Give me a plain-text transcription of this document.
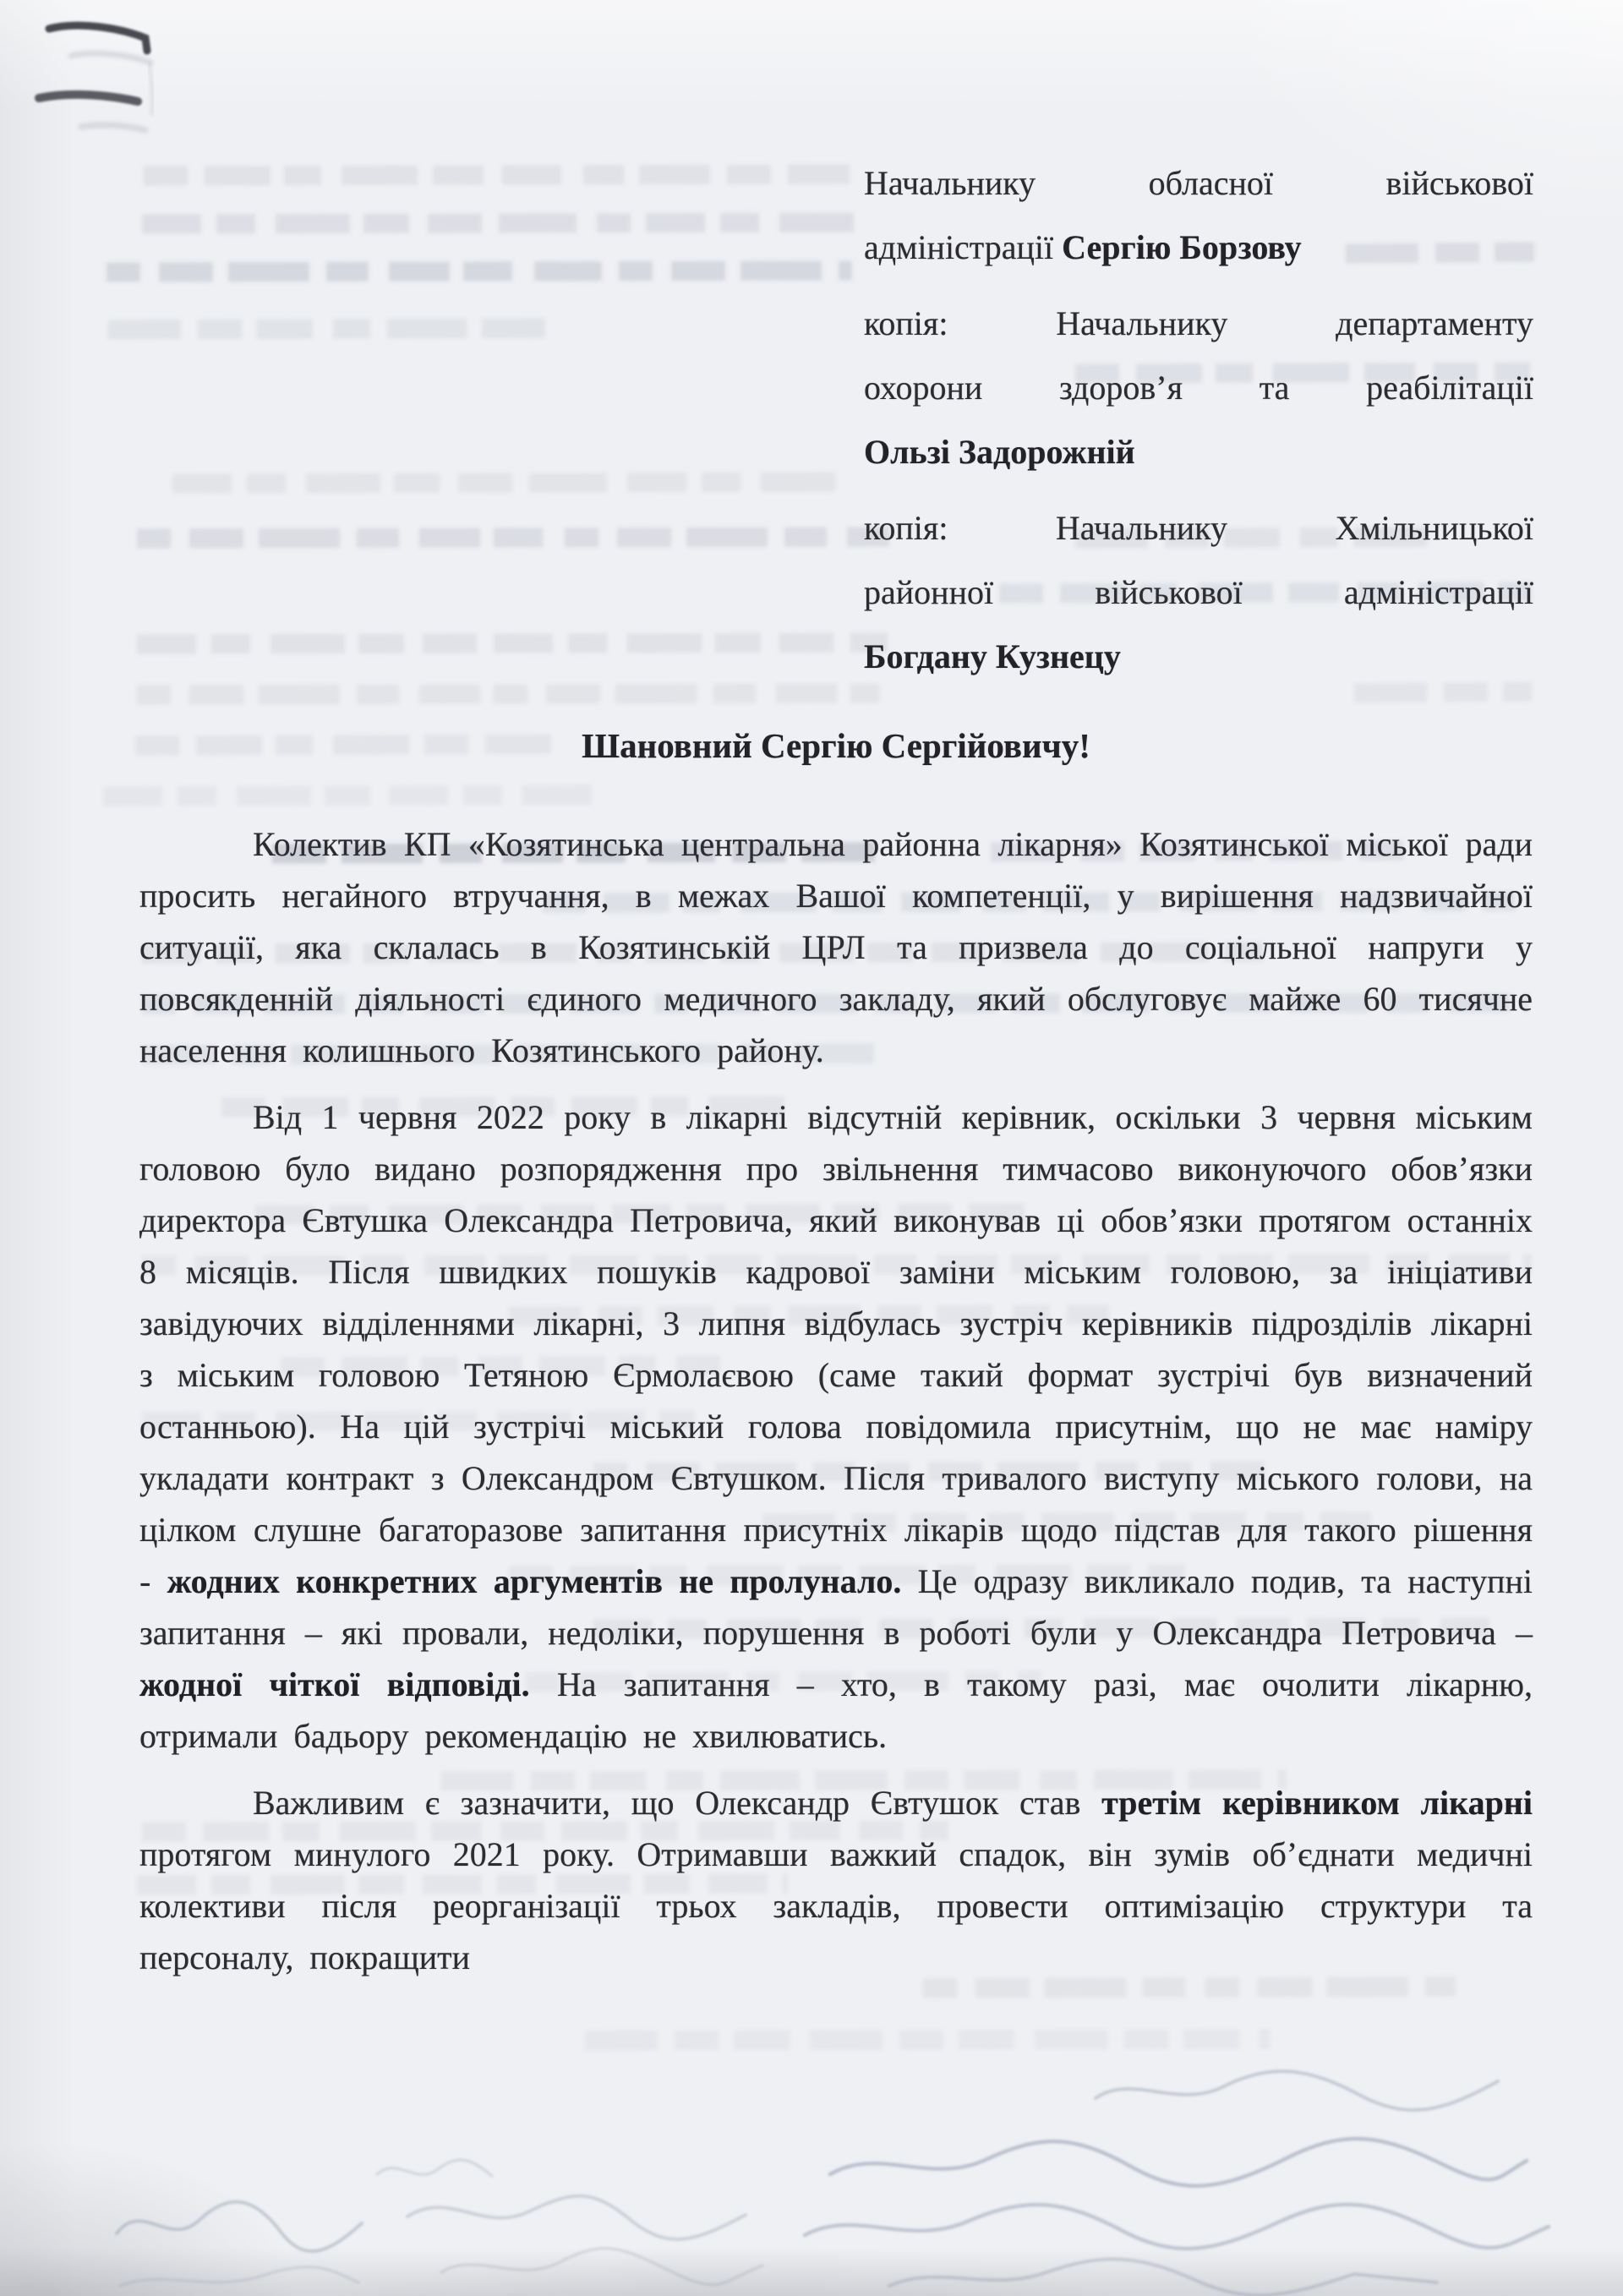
Начальнику обласної військової
адміністрації Сергію Борзову
копія: Начальнику департаменту
охорони здоров’я та реабілітації
Ользі Задорожній
копія: Начальнику Хмільницької
районної військової адміністрації
Богдану Кузнецу
Шановний Сергію Сергійовичу!

Колектив КП «Козятинська центральна районна лікарня» Козятинської міської ради просить негайного втручання, в межах Вашої компетенції, у вирішення надзвичайної ситуації, яка склалась в Козятинській ЦРЛ та призвела до соціальної напруги у повсякденній діяльності єдиного медичного закладу, який обслуговує майже 60 тисячне населення колишнього Козятинського району.

Від 1 червня 2022 року в лікарні відсутній керівник, оскільки 3 червня міським головою було видано розпорядження про звільнення тимчасово виконуючого обов’язки директора Євтушка Олександра Петровича, який виконував ці обов’язки протягом останніх 8 місяців. Після швидких пошуків кадрової заміни міським головою, за ініціативи завідуючих відділеннями лікарні, 3 липня відбулась зустріч керівників підрозділів лікарні з міським головою Тетяною Єрмолаєвою (саме такий формат зустрічі був визначений останньою). На цій зустрічі міський голова повідомила присутнім, що не має наміру укладати контракт з Олександром Євтушком. Після тривалого виступу міського голови, на цілком слушне багаторазове запитання присутніх лікарів щодо підстав для такого рішення - жодних конкретних аргументів не пролунало. Це одразу викликало подив, та наступні запитання – які провали, недоліки, порушення в роботі були у Олександра Петровича – жодної чіткої відповіді. На запитання – хто, в такому разі, має очолити лікарню, отримали бадьору рекомендацію не хвилюватись.

Важливим є зазначити, що Олександр Євтушок став третім керівником лікарні протягом минулого 2021 року. Отримавши важкий спадок, він зумів об’єднати медичні колективи після реорганізації трьох закладів, провести оптимізацію структури та персоналу, покращити
